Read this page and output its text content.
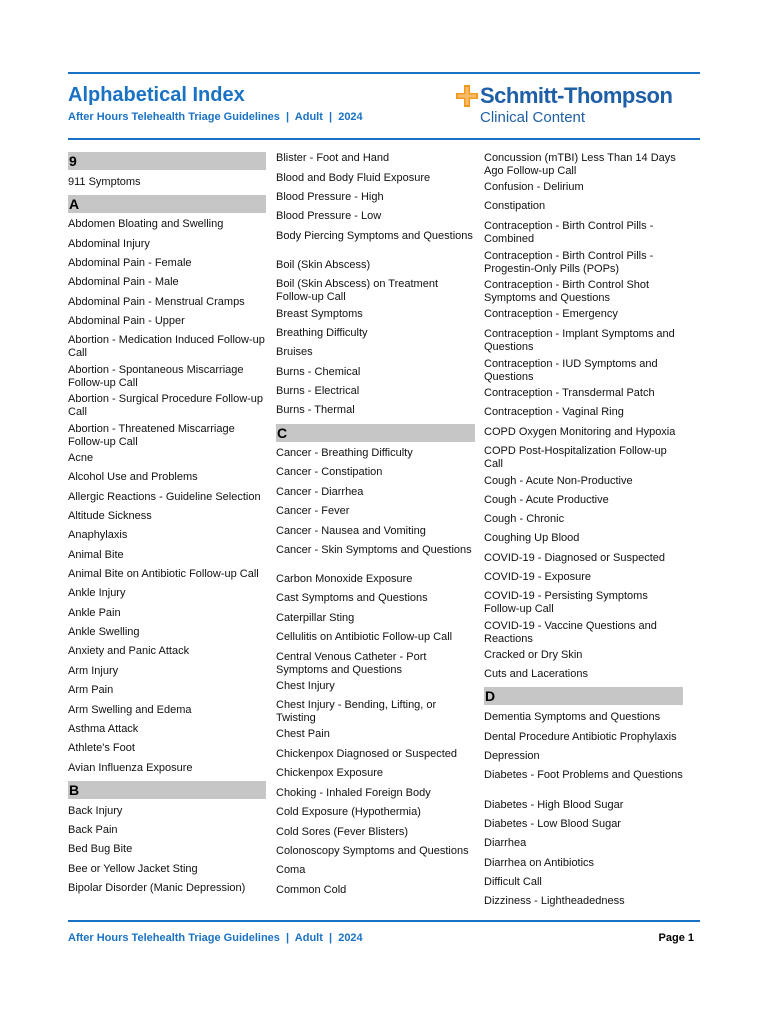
Alphabetical Index
After Hours Telehealth Triage Guidelines  |  Adult  |  2024
Schmitt-Thompson
Clinical Content
9
911 Symptoms
A
Abdomen Bloating and Swelling
Abdominal Injury
Abdominal Pain - Female
Abdominal Pain - Male
Abdominal Pain - Menstrual Cramps
Abdominal Pain - Upper
Abortion - Medication Induced Follow-up Call
Abortion - Spontaneous Miscarriage Follow-up Call
Abortion - Surgical Procedure Follow-up Call
Abortion - Threatened Miscarriage Follow-up Call
Acne
Alcohol Use and Problems
Allergic Reactions - Guideline Selection
Altitude Sickness
Anaphylaxis
Animal Bite
Animal Bite on Antibiotic Follow-up Call
Ankle Injury
Ankle Pain
Ankle Swelling
Anxiety and Panic Attack
Arm Injury
Arm Pain
Arm Swelling and Edema
Asthma Attack
Athlete's Foot
Avian Influenza Exposure
B
Back Injury
Back Pain
Bed Bug Bite
Bee or Yellow Jacket Sting
Bipolar Disorder (Manic Depression)
Blister - Foot and Hand
Blood and Body Fluid Exposure
Blood Pressure - High
Blood Pressure - Low
Body Piercing Symptoms and Questions
Boil (Skin Abscess)
Boil (Skin Abscess) on Treatment Follow-up Call
Breast Symptoms
Breathing Difficulty
Bruises
Burns - Chemical
Burns - Electrical
Burns - Thermal
C
Cancer - Breathing Difficulty
Cancer - Constipation
Cancer - Diarrhea
Cancer - Fever
Cancer - Nausea and Vomiting
Cancer - Skin Symptoms and Questions
Carbon Monoxide Exposure
Cast Symptoms and Questions
Caterpillar Sting
Cellulitis on Antibiotic Follow-up Call
Central Venous Catheter - Port Symptoms and Questions
Chest Injury
Chest Injury - Bending, Lifting, or Twisting
Chest Pain
Chickenpox Diagnosed or Suspected
Chickenpox Exposure
Choking - Inhaled Foreign Body
Cold Exposure (Hypothermia)
Cold Sores (Fever Blisters)
Colonoscopy Symptoms and Questions
Coma
Common Cold
Concussion (mTBI) Less Than 14 Days Ago Follow-up Call
Confusion - Delirium
Constipation
Contraception - Birth Control Pills - Combined
Contraception - Birth Control Pills - Progestin-Only Pills (POPs)
Contraception - Birth Control Shot Symptoms and Questions
Contraception - Emergency
Contraception - Implant Symptoms and Questions
Contraception - IUD Symptoms and Questions
Contraception - Transdermal Patch
Contraception - Vaginal Ring
COPD Oxygen Monitoring and Hypoxia
COPD Post-Hospitalization Follow-up Call
Cough - Acute Non-Productive
Cough - Acute Productive
Cough - Chronic
Coughing Up Blood
COVID-19 - Diagnosed or Suspected
COVID-19 - Exposure
COVID-19 - Persisting Symptoms Follow-up Call
COVID-19 - Vaccine Questions and Reactions
Cracked or Dry Skin
Cuts and Lacerations
D
Dementia Symptoms and Questions
Dental Procedure Antibiotic Prophylaxis
Depression
Diabetes - Foot Problems and Questions
Diabetes - High Blood Sugar
Diabetes - Low Blood Sugar
Diarrhea
Diarrhea on Antibiotics
Difficult Call
Dizziness - Lightheadedness
After Hours Telehealth Triage Guidelines  |  Adult  |  2024	Page 1
